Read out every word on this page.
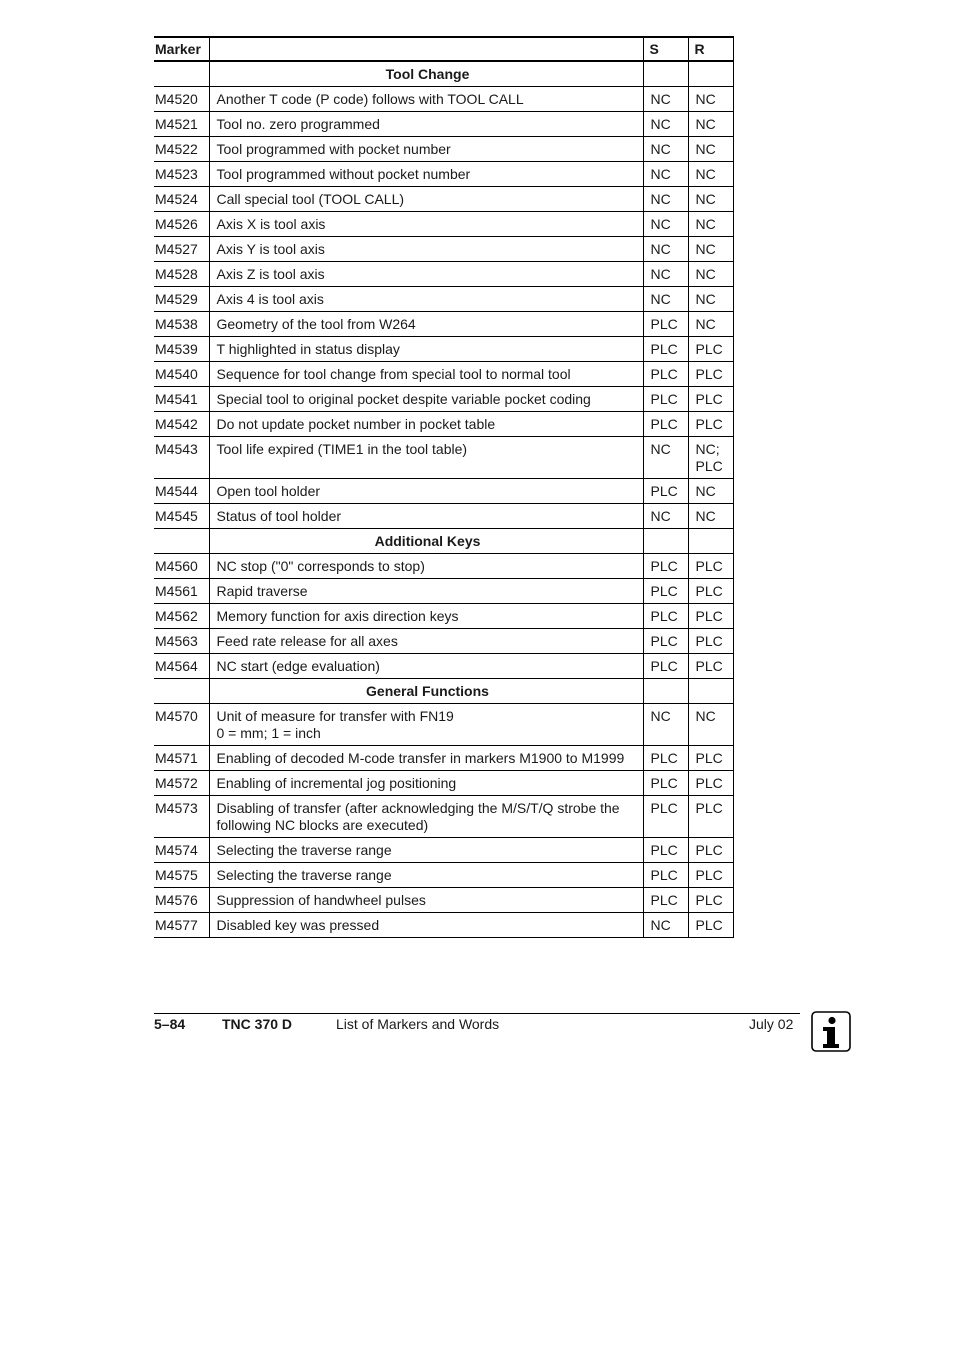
Marker		S	R
	Tool Change		
M4520	Another T code (P code) follows with TOOL CALL	NC	NC
M4521	Tool no. zero programmed	NC	NC
M4522	Tool programmed with pocket number	NC	NC
M4523	Tool programmed without pocket number	NC	NC
M4524	Call special tool (TOOL CALL)	NC	NC
M4526	Axis X is tool axis	NC	NC
M4527	Axis Y is tool axis	NC	NC
M4528	Axis Z is tool axis	NC	NC
M4529	Axis 4 is tool axis	NC	NC
M4538	Geometry of the tool from W264	PLC	NC
M4539	T highlighted in status display	PLC	PLC
M4540	Sequence for tool change from special tool to normal tool	PLC	PLC
M4541	Special tool to original pocket despite variable pocket coding	PLC	PLC
M4542	Do not update pocket number in pocket table	PLC	PLC
M4543	Tool life expired (TIME1 in the tool table)	NC	NC;
PLC
M4544	Open tool holder	PLC	NC
M4545	Status of tool holder	NC	NC
	Additional Keys		
M4560	NC stop ("0" corresponds to stop)	PLC	PLC
M4561	Rapid traverse	PLC	PLC
M4562	Memory function for axis direction keys	PLC	PLC
M4563	Feed rate release for all axes	PLC	PLC
M4564	NC start (edge evaluation)	PLC	PLC
	General Functions		
M4570	Unit of measure for transfer with FN19
0 = mm; 1 = inch	NC	NC
M4571	Enabling of decoded M-code transfer in markers M1900 to M1999	PLC	PLC
M4572	Enabling of incremental jog positioning	PLC	PLC
M4573	Disabling of transfer (after acknowledging the M/S/T/Q strobe the following NC blocks are executed)	PLC	PLC
M4574	Selecting the traverse range	PLC	PLC
M4575	Selecting the traverse range	PLC	PLC
M4576	Suppression of handwheel pulses	PLC	PLC
M4577	Disabled key was pressed	NC	PLC
5–84	TNC 370 D	List of Markers and Words	July 02
